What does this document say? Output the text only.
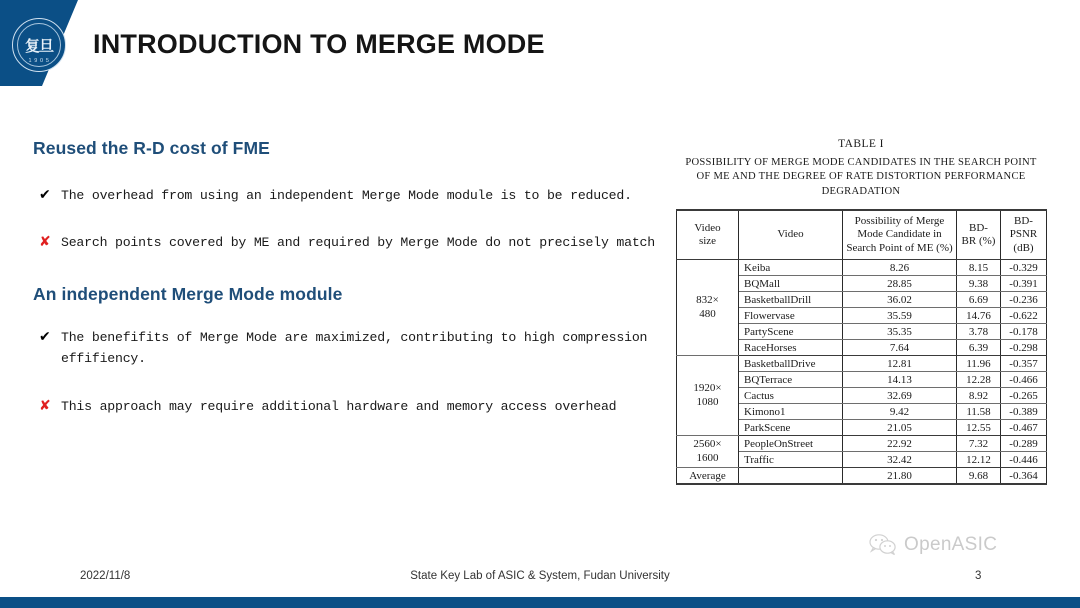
复旦
1 9 0 5
INTRODUCTION TO MERGE MODE
Reused the R-D cost of FME
✔ The overhead from using an independent Merge Mode module is to be reduced.
✘ Search points covered by ME and required by Merge Mode do not precisely match
An independent Merge Mode module
✔ The benefifits of Merge Mode are maximized, contributing to high compression effifiency.
✘ This approach may require additional hardware and memory access overhead
TABLE I
POSSIBILITY OF MERGE MODE CANDIDATES IN THE SEARCH POINT OF ME AND THE DEGREE OF RATE DISTORTION PERFORMANCE DEGRADATION
Video
size	Video	Possibility of Merge
Mode Candidate in
Search Point of ME (%)	BD-
BR (%)	BD-
PSNR (dB)
832×
480	Keiba	8.26	8.15	-0.329
	BQMall	28.85	9.38	-0.391
	BasketballDrill	36.02	6.69	-0.236
	Flowervase	35.59	14.76	-0.622
	PartyScene	35.35	3.78	-0.178
	RaceHorses	7.64	6.39	-0.298
1920×
1080	BasketballDrive	12.81	11.96	-0.357
	BQTerrace	14.13	12.28	-0.466
	Cactus	32.69	8.92	-0.265
	Kimono1	9.42	11.58	-0.389
	ParkScene	21.05	12.55	-0.467
2560×
1600	PeopleOnStreet	22.92	7.32	-0.289
	Traffic	32.42	12.12	-0.446
Average		21.80	9.68	-0.364
OpenASIC
2022/11/8	State Key Lab of ASIC & System, Fudan University	3
